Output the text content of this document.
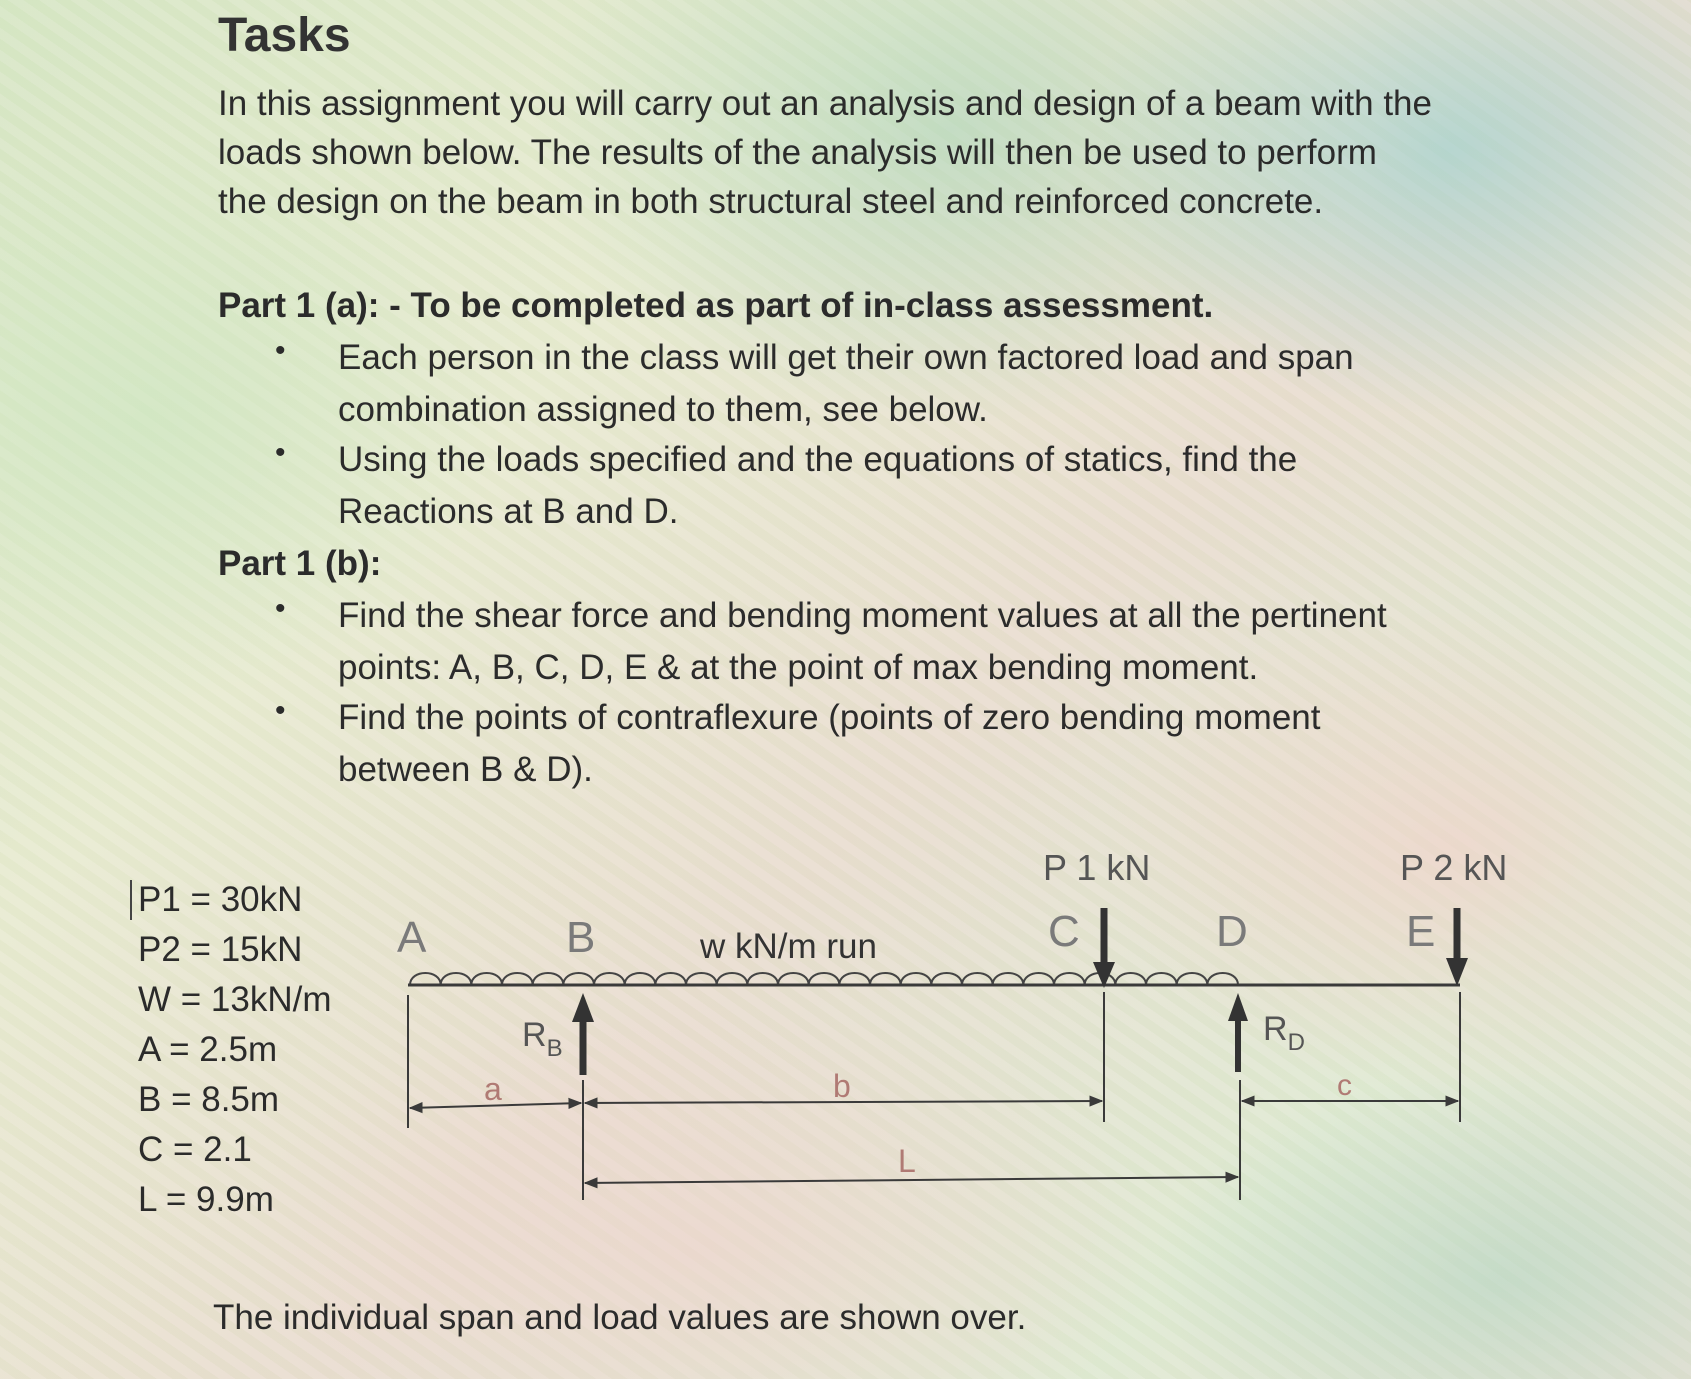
Tasks
In this assignment you will carry out an analysis and design of a beam with the
loads shown below. The results of the analysis will then be used to perform
the design on the beam in both structural steel and reinforced concrete.
Part 1 (a): - To be completed as part of in-class assessment.
• Each person in the class will get their own factored load and span
combination assigned to them, see below.
• Using the loads specified and the equations of statics, find the
Reactions at B and D.
Part 1 (b):
• Find the shear force and bending moment values at all the pertinent
points: A, B, C, D, E & at the point of max bending moment.
• Find the points of contraflexure (points of zero bending moment
between B & D).
P1 = 30kN
P2 = 15kN
W = 13kN/m
A = 2.5m
B = 8.5m
C = 2.1
L = 9.9m
A	B	C	D	E
P 1 kN	P 2 kN
w kN/m run
$R_B$
$R_D$
a	b	c
L
The individual span and load values are shown over.
